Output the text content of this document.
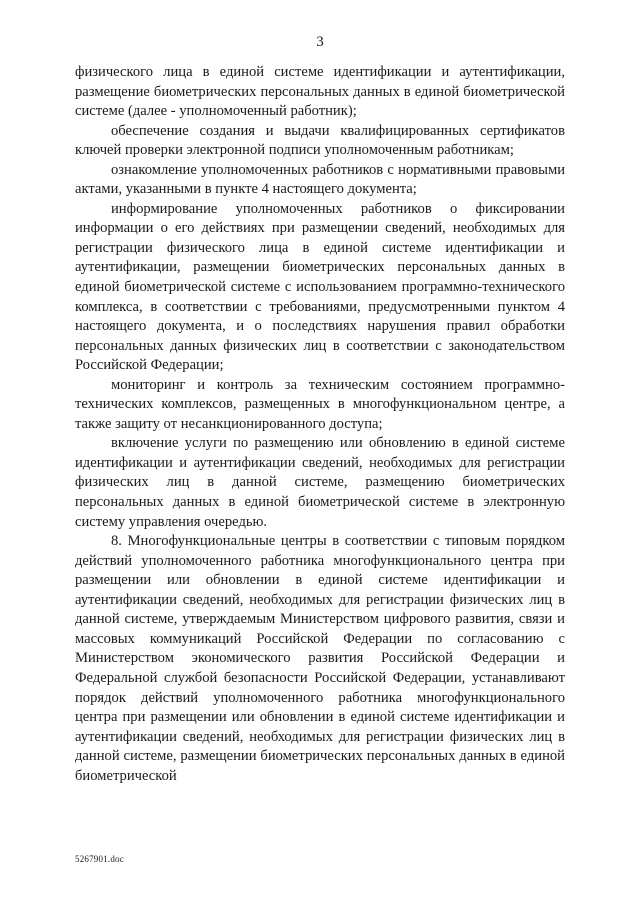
3

физического лица в единой системе идентификации и аутентификации, размещение биометрических персональных данных в единой биометрической системе (далее - уполномоченный работник);

обеспечение создания и выдачи квалифицированных сертификатов ключей проверки электронной подписи уполномоченным работникам;

ознакомление уполномоченных работников с нормативными правовыми актами, указанными в пункте 4 настоящего документа;

информирование уполномоченных работников о фиксировании информации о его действиях при размещении сведений, необходимых для регистрации физического лица в единой системе идентификации и аутентификации, размещении биометрических персональных данных в единой биометрической системе с использованием программно-технического комплекса, в соответствии с требованиями, предусмотренными пунктом 4 настоящего документа, и о последствиях нарушения правил обработки персональных данных физических лиц в соответствии с законодательством Российской Федерации;

мониторинг и контроль за техническим состоянием программно-технических комплексов, размещенных в многофункциональном центре, а также защиту от несанкционированного доступа;

включение услуги по размещению или обновлению в единой системе идентификации и аутентификации сведений, необходимых для регистрации физических лиц в данной системе, размещению биометрических персональных данных в единой биометрической системе в электронную систему управления очередью.

8. Многофункциональные центры в соответствии с типовым порядком действий уполномоченного работника многофункционального центра при размещении или обновлении в единой системе идентификации и аутентификации сведений, необходимых для регистрации физических лиц в данной системе, утверждаемым Министерством цифрового развития, связи и массовых коммуникаций Российской Федерации по согласованию с Министерством экономического развития Российской Федерации и Федеральной службой безопасности Российской Федерации, устанавливают порядок действий уполномоченного работника многофункционального центра при размещении или обновлении в единой системе идентификации и аутентификации сведений, необходимых для регистрации физических лиц в данной системе, размещении биометрических персональных данных в единой биометрической

5267901.doc
